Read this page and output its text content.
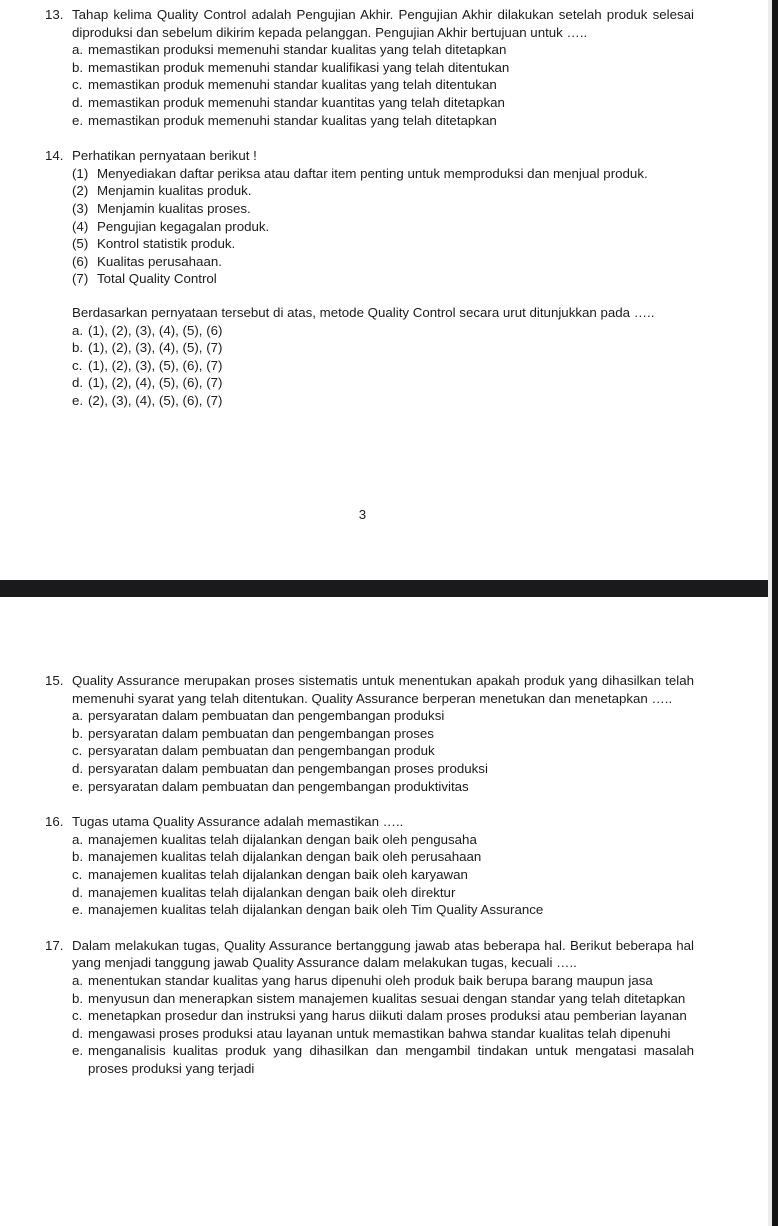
13. Tahap kelima Quality Control adalah Pengujian Akhir. Pengujian Akhir dilakukan setelah produk selesai diproduksi dan sebelum dikirim kepada pelanggan. Pengujian Akhir bertujuan untuk …..
a. memastikan produksi memenuhi standar kualitas yang telah ditetapkan
b. memastikan produk memenuhi standar kualifikasi yang telah ditentukan
c. memastikan produk memenuhi standar kualitas yang telah ditentukan
d. memastikan produk memenuhi standar kuantitas yang telah ditetapkan
e. memastikan produk memenuhi standar kualitas yang telah ditetapkan
14. Perhatikan pernyataan berikut !
(1) Menyediakan daftar periksa atau daftar item penting untuk memproduksi dan menjual produk.
(2) Menjamin kualitas produk.
(3) Menjamin kualitas proses.
(4) Pengujian kegagalan produk.
(5) Kontrol statistik produk.
(6) Kualitas perusahaan.
(7) Total Quality Control
Berdasarkan pernyataan tersebut di atas, metode Quality Control secara urut ditunjukkan pada …..
a. (1), (2), (3), (4), (5), (6)
b. (1), (2), (3), (4), (5), (7)
c. (1), (2), (3), (5), (6), (7)
d. (1), (2), (4), (5), (6), (7)
e. (2), (3), (4), (5), (6), (7)
3
15. Quality Assurance merupakan proses sistematis untuk menentukan apakah produk yang dihasilkan telah memenuhi syarat yang telah ditentukan. Quality Assurance berperan menetukan dan menetapkan …..
a. persyaratan dalam pembuatan dan pengembangan produksi
b. persyaratan dalam pembuatan dan pengembangan proses
c. persyaratan dalam pembuatan dan pengembangan produk
d. persyaratan dalam pembuatan dan pengembangan proses produksi
e. persyaratan dalam pembuatan dan pengembangan produktivitas
16. Tugas utama Quality Assurance adalah memastikan …..
a. manajemen kualitas telah dijalankan dengan baik oleh pengusaha
b. manajemen kualitas telah dijalankan dengan baik oleh perusahaan
c. manajemen kualitas telah dijalankan dengan baik oleh karyawan
d. manajemen kualitas telah dijalankan dengan baik oleh direktur
e. manajemen kualitas telah dijalankan dengan baik oleh Tim Quality Assurance
17. Dalam melakukan tugas, Quality Assurance bertanggung jawab atas beberapa hal. Berikut beberapa hal yang menjadi tanggung jawab Quality Assurance dalam melakukan tugas, kecuali …..
a. menentukan standar kualitas yang harus dipenuhi oleh produk baik berupa barang maupun jasa
b. menyusun dan menerapkan sistem manajemen kualitas sesuai dengan standar yang telah ditetapkan
c. menetapkan prosedur dan instruksi yang harus diikuti dalam proses produksi atau pemberian layanan
d. mengawasi proses produksi atau layanan untuk memastikan bahwa standar kualitas telah dipenuhi
e. menganalisis kualitas produk yang dihasilkan dan mengambil tindakan untuk mengatasi masalah proses produksi yang terjadi
